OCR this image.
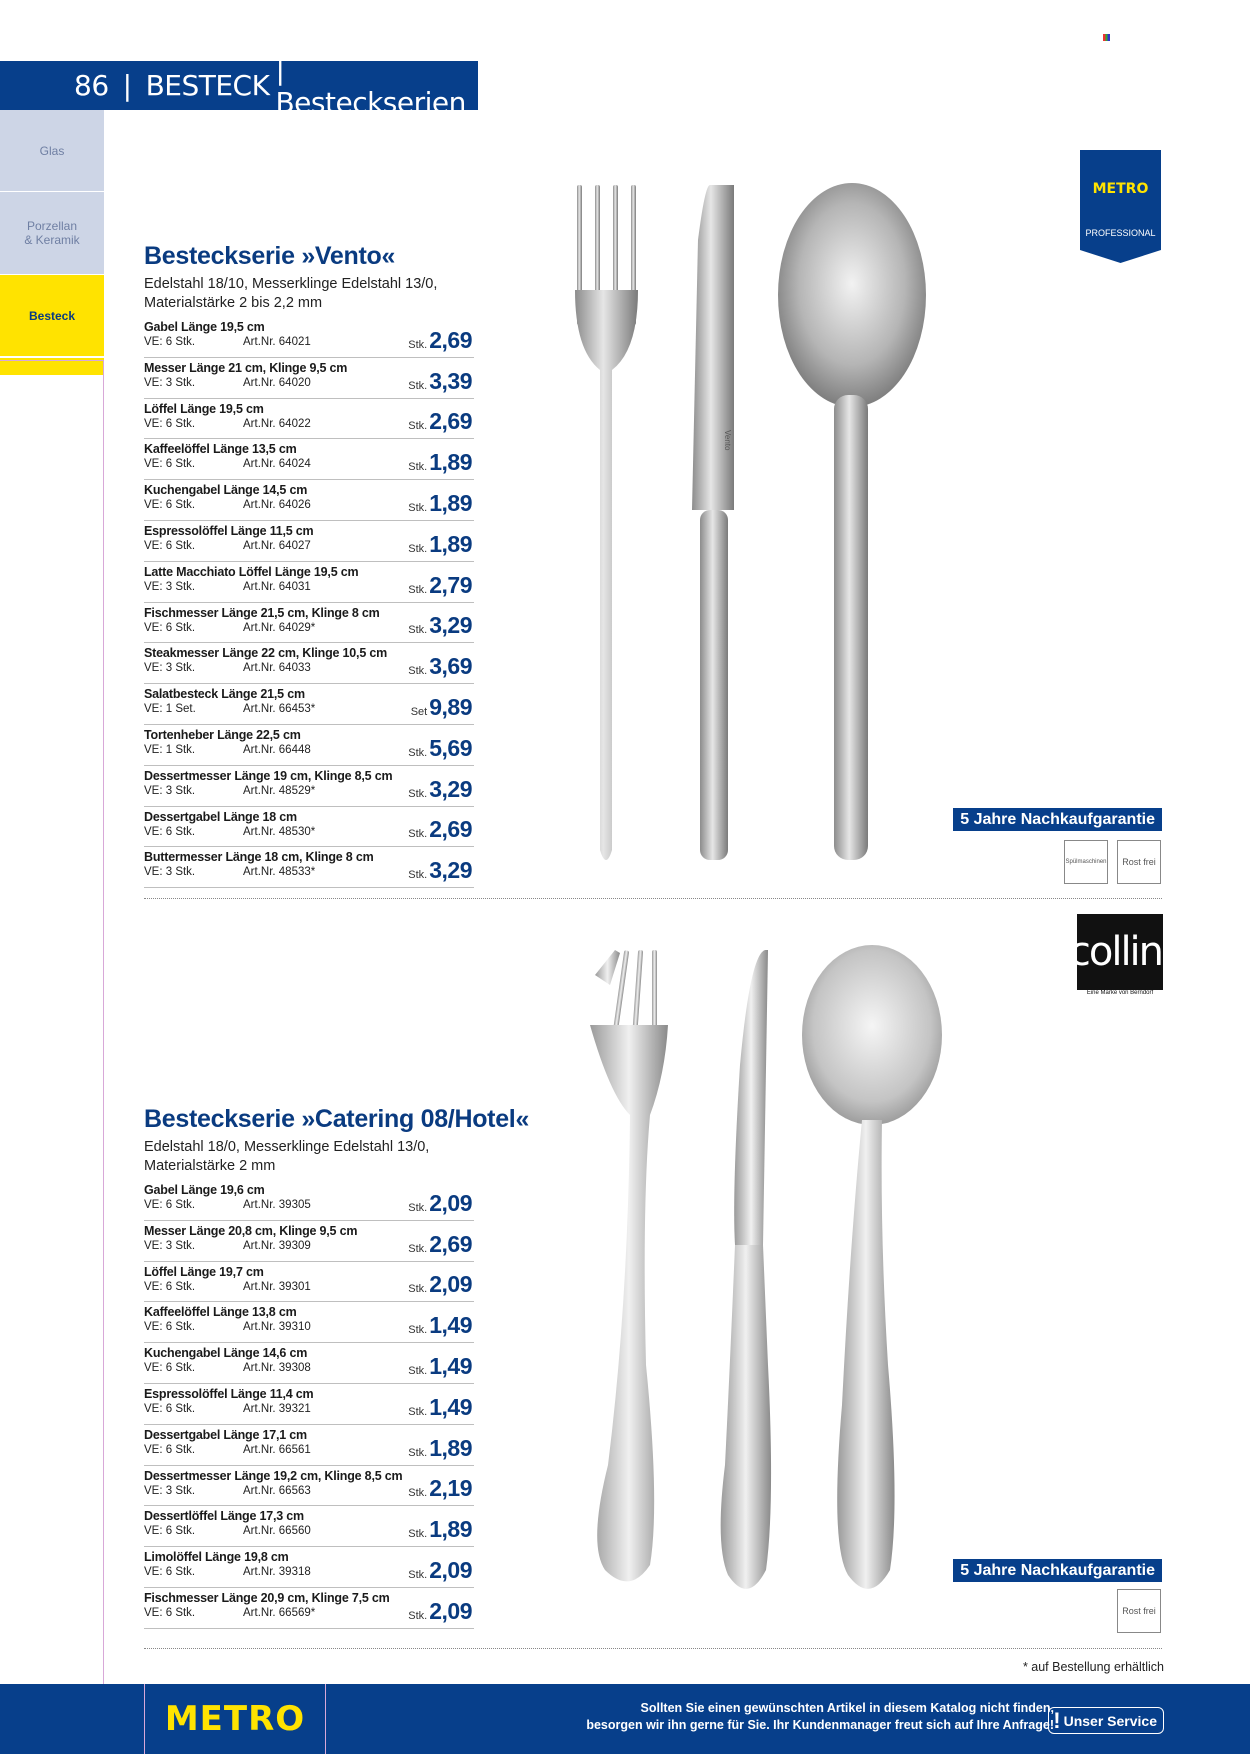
86 | BESTECK | Besteckserien
Glas
Porzellan & Keramik
Besteck
METRO
PROFESSIONAL
collini
Eine Marke von Berndorf
Besteckserie »Vento«
Edelstahl 18/10, Messerklinge Edelstahl 13/0,
Materialstärke 2 bis 2,2 mm
Gabel Länge 19,5 cm
VE: 6 Stk.	Art.Nr. 64021	Stk.2,69
Messer Länge 21 cm, Klinge 9,5 cm
VE: 3 Stk.	Art.Nr. 64020	Stk.3,39
Löffel Länge 19,5 cm
VE: 6 Stk.	Art.Nr. 64022	Stk.2,69
Kaffeelöffel Länge 13,5 cm
VE: 6 Stk.	Art.Nr. 64024	Stk.1,89
Kuchengabel Länge 14,5 cm
VE: 6 Stk.	Art.Nr. 64026	Stk.1,89
Espressolöffel Länge 11,5 cm
VE: 6 Stk.	Art.Nr. 64027	Stk.1,89
Latte Macchiato Löffel Länge 19,5 cm
VE: 3 Stk.	Art.Nr. 64031	Stk.2,79
Fischmesser Länge 21,5 cm, Klinge 8 cm
VE: 6 Stk.	Art.Nr. 64029*	Stk.3,29
Steakmesser Länge 22 cm, Klinge 10,5 cm
VE: 3 Stk.	Art.Nr. 64033	Stk.3,69
Salatbesteck Länge 21,5 cm
VE: 1 Set.	Art.Nr. 66453*	Set9,89
Tortenheber Länge 22,5 cm
VE: 1 Stk.	Art.Nr. 66448	Stk.5,69
Dessertmesser Länge 19 cm, Klinge 8,5 cm
VE: 3 Stk.	Art.Nr. 48529*	Stk.3,29
Dessertgabel Länge 18 cm
VE: 6 Stk.	Art.Nr. 48530*	Stk.2,69
Buttermesser Länge 18 cm, Klinge 8 cm
VE: 3 Stk.	Art.Nr. 48533*	Stk.3,29
Vento
5 Jahre Nachkaufgarantie
Spülmaschinen Rost frei
Besteckserie »Catering 08/Hotel«
Edelstahl 18/0, Messerklinge Edelstahl 13/0,
Materialstärke 2 mm
Gabel Länge 19,6 cm
VE: 6 Stk.	Art.Nr. 39305	Stk.2,09
Messer Länge 20,8 cm, Klinge 9,5 cm
VE: 3 Stk.	Art.Nr. 39309	Stk.2,69
Löffel Länge 19,7 cm
VE: 6 Stk.	Art.Nr. 39301	Stk.2,09
Kaffeelöffel Länge 13,8 cm
VE: 6 Stk.	Art.Nr. 39310	Stk.1,49
Kuchengabel Länge 14,6 cm
VE: 6 Stk.	Art.Nr. 39308	Stk.1,49
Espressolöffel Länge 11,4 cm
VE: 6 Stk.	Art.Nr. 39321	Stk.1,49
Dessertgabel Länge 17,1 cm
VE: 6 Stk.	Art.Nr. 66561	Stk.1,89
Dessertmesser Länge 19,2 cm, Klinge 8,5 cm
VE: 3 Stk.	Art.Nr. 66563	Stk.2,19
Dessertlöffel Länge 17,3 cm
VE: 6 Stk.	Art.Nr. 66560	Stk.1,89
Limolöffel Länge 19,8 cm
VE: 6 Stk.	Art.Nr. 39318	Stk.2,09
Fischmesser Länge 20,9 cm, Klinge 7,5 cm
VE: 6 Stk.	Art.Nr. 66569*	Stk.2,09
5 Jahre Nachkaufgarantie
Rost frei
* auf Bestellung erhältlich
METRO	Sollten Sie einen gewünschten Artikel in diesem Katalog nicht finden,
besorgen wir ihn gerne für Sie. Ihr Kundenmanager freut sich auf Ihre Anfrage! ! Unser Service
